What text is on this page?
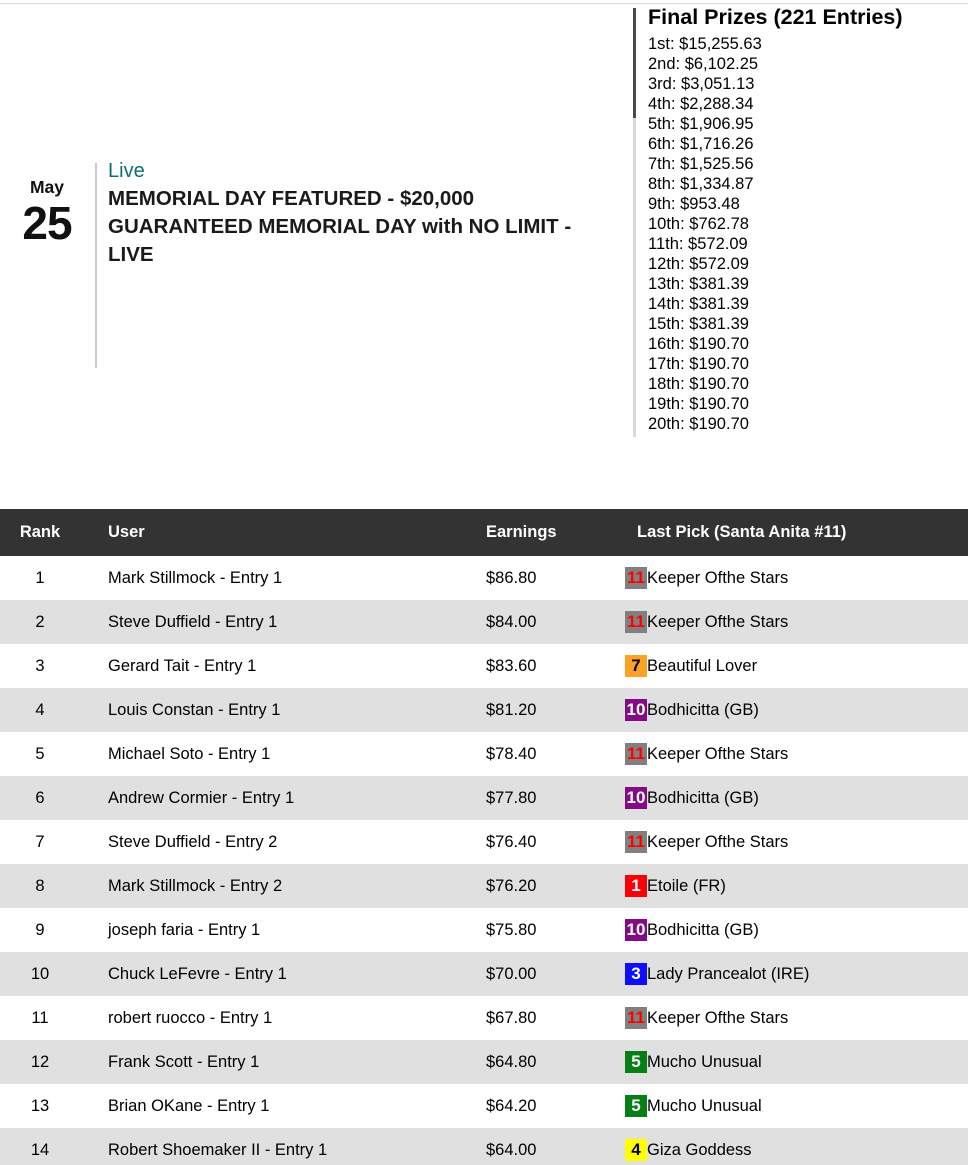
May
25
Live
MEMORIAL DAY FEATURED - $20,000 GUARANTEED MEMORIAL DAY with NO LIMIT - LIVE
Final Prizes (221 Entries)
1st: $15,255.63
2nd: $6,102.25
3rd: $3,051.13
4th: $2,288.34
5th: $1,906.95
6th: $1,716.26
7th: $1,525.56
8th: $1,334.87
9th: $953.48
10th: $762.78
11th: $572.09
12th: $572.09
13th: $381.39
14th: $381.39
15th: $381.39
16th: $190.70
17th: $190.70
18th: $190.70
19th: $190.70
20th: $190.70
Rank	User	Earnings	Last Pick (Santa Anita #11)
1	Mark Stillmock - Entry 1	$86.80	11 Keeper Ofthe Stars
2	Steve Duffield - Entry 1	$84.00	11 Keeper Ofthe Stars
3	Gerard Tait - Entry 1	$83.60	7 Beautiful Lover
4	Louis Constan - Entry 1	$81.20	10 Bodhicitta (GB)
5	Michael Soto - Entry 1	$78.40	11 Keeper Ofthe Stars
6	Andrew Cormier - Entry 1	$77.80	10 Bodhicitta (GB)
7	Steve Duffield - Entry 2	$76.40	11 Keeper Ofthe Stars
8	Mark Stillmock - Entry 2	$76.20	1 Etoile (FR)
9	joseph faria - Entry 1	$75.80	10 Bodhicitta (GB)
10	Chuck LeFevre - Entry 1	$70.00	3 Lady Prancealot (IRE)
11	robert ruocco - Entry 1	$67.80	11 Keeper Ofthe Stars
12	Frank Scott - Entry 1	$64.80	5 Mucho Unusual
13	Brian OKane - Entry 1	$64.20	5 Mucho Unusual
14	Robert Shoemaker II - Entry 1	$64.00	4 Giza Goddess
